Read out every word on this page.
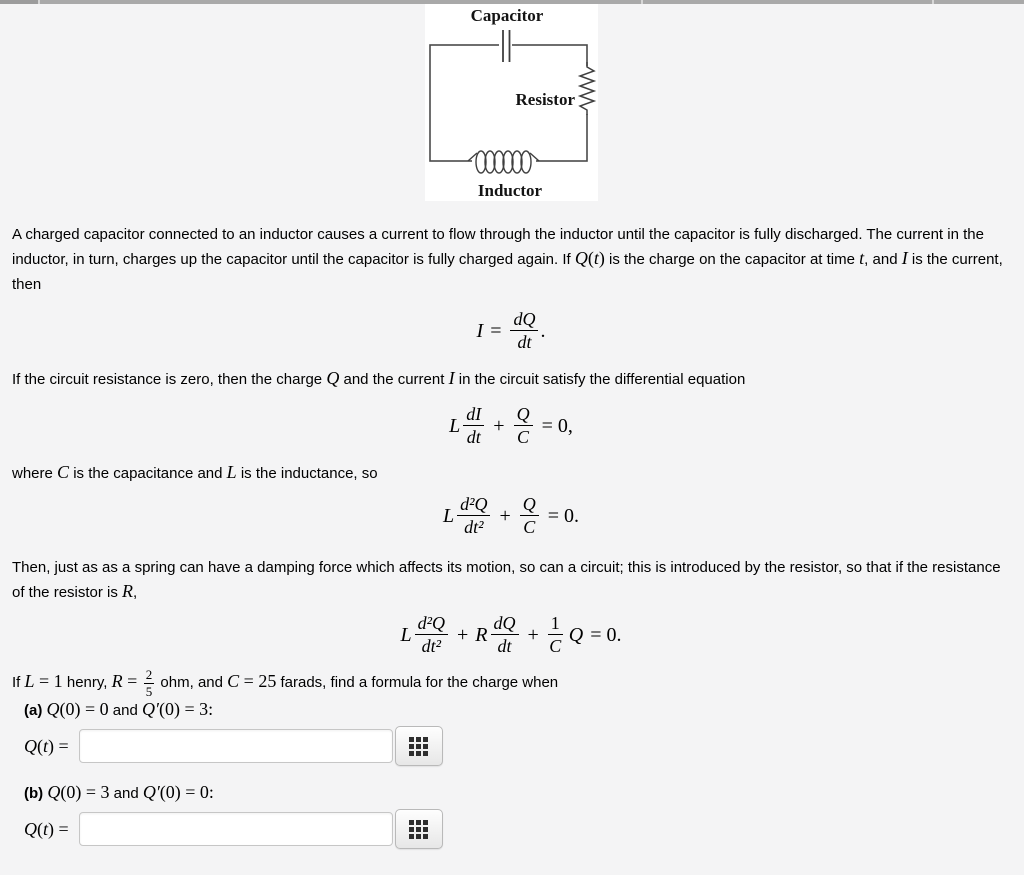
Capacitor
Resistor
Inductor

A charged capacitor connected to an inductor causes a current to flow through the inductor until the capacitor is fully discharged. The current in the inductor, in turn, charges up the capacitor until the capacitor is fully charged again. If Q(t) is the charge on the capacitor at time t, and I is the current, then

$I = \frac{dQ}{dt}$ .

If the circuit resistance is zero, then the charge Q and the current I in the circuit satisfy the differential equation

L $\frac{dI}{dt} + \frac{Q}{C} = 0$,

where C is the capacitance and L is the inductance, so

L $\frac{\text{d²Q}}{\text{dt²}} + \frac{Q}{C} = 0$.

Then, just as as a spring can have a damping force which affects its motion, so can a circuit; this is introduced by the resistor, so that if the resistance of the resistor is R,

L $\frac{\text{d²Q}}{\text{dt²}} + R \frac{dQ}{dt} + \frac{1}{C}$ Q = 0.

If L = 1 henry, $R = \frac{2}{5}$ ohm, and C = 25 farads, find a formula for the charge when

(a) Q(0) = 0 and Q′(0) = 3:

Q(t) =

(b) Q(0) = 3 and Q′(0) = 0:

Q(t) =
